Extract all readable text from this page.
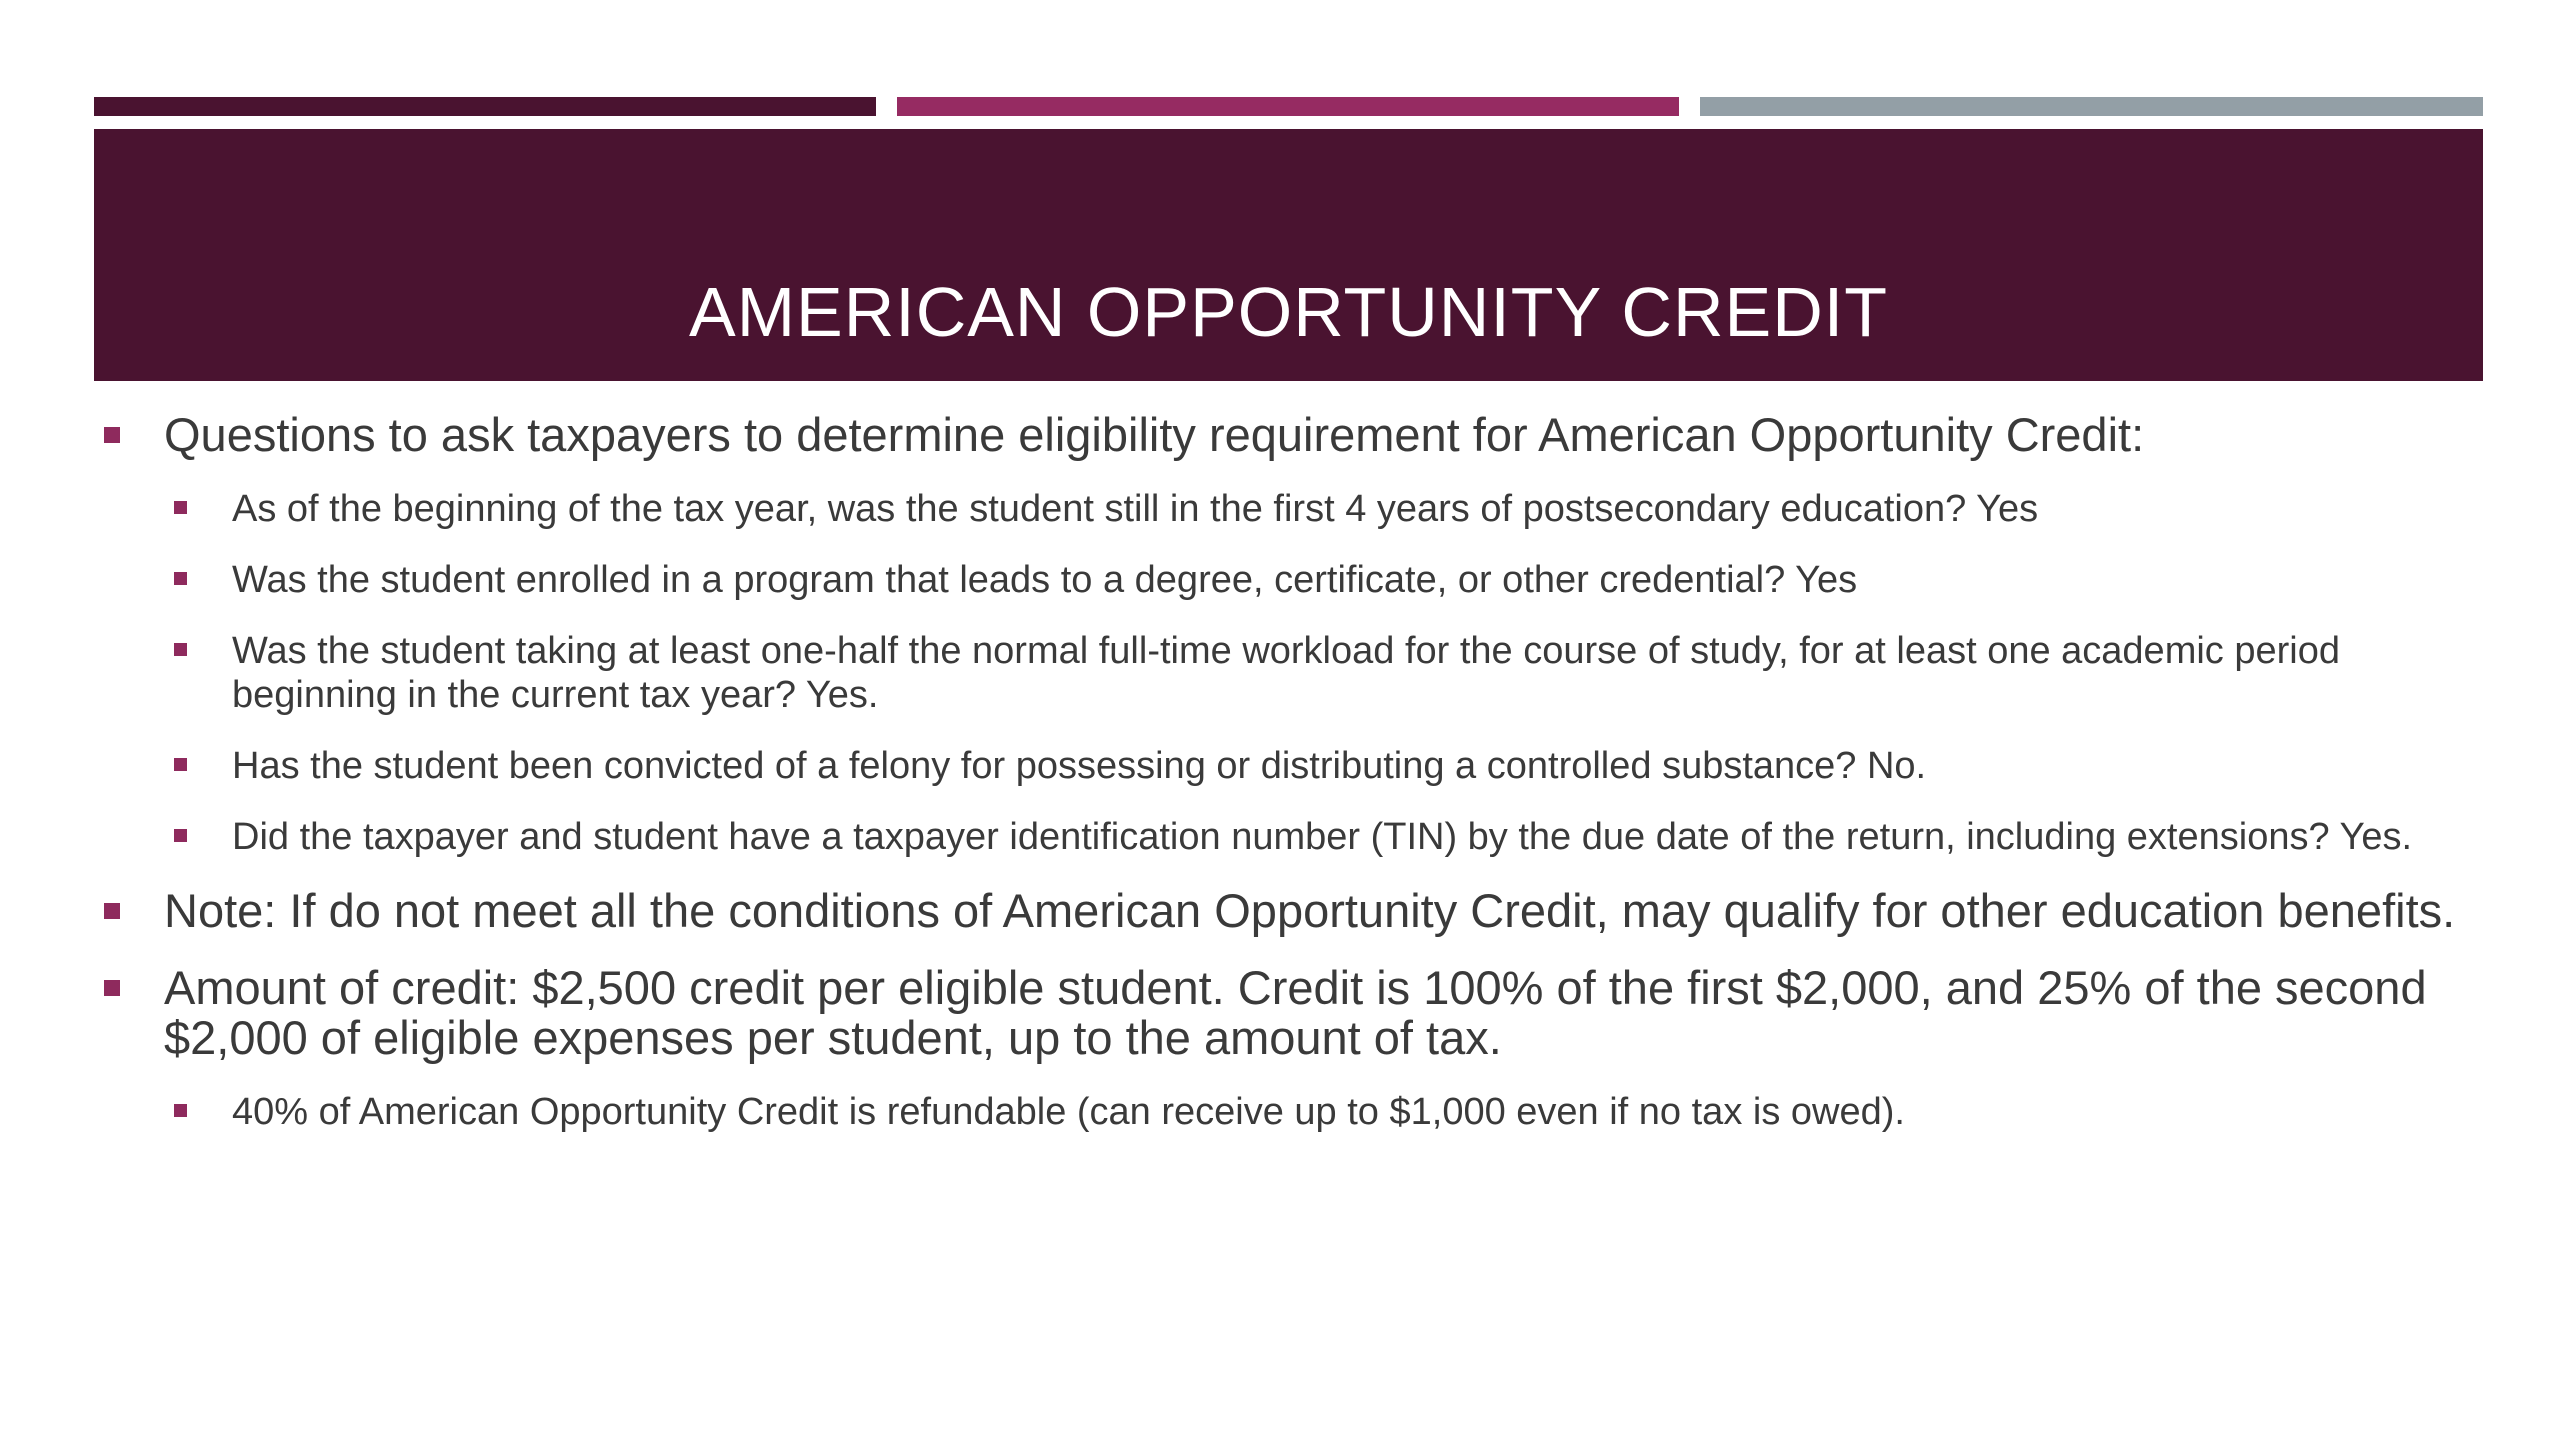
AMERICAN OPPORTUNITY CREDIT
Questions to ask taxpayers to determine eligibility requirement for American Opportunity Credit:
As of the beginning of the tax year, was the student still in the first 4 years of postsecondary education? Yes
Was the student enrolled in a program that leads to a degree, certificate, or other credential? Yes
Was the student taking at least one-half the normal full-time workload for the course of study, for at least one academic period beginning in the current tax year? Yes.
Has the student been convicted of a felony for possessing or distributing a controlled substance? No.
Did the taxpayer and student have a taxpayer identification number (TIN) by the due date of the return, including extensions? Yes.
Note: If do not meet all the conditions of American Opportunity Credit, may qualify for other education benefits.
Amount of credit: $2,500 credit per eligible student. Credit is 100% of the first $2,000, and 25% of the second $2,000 of eligible expenses per student, up to the amount of tax.
40% of American Opportunity Credit is refundable (can receive up to $1,000 even if no tax is owed).
